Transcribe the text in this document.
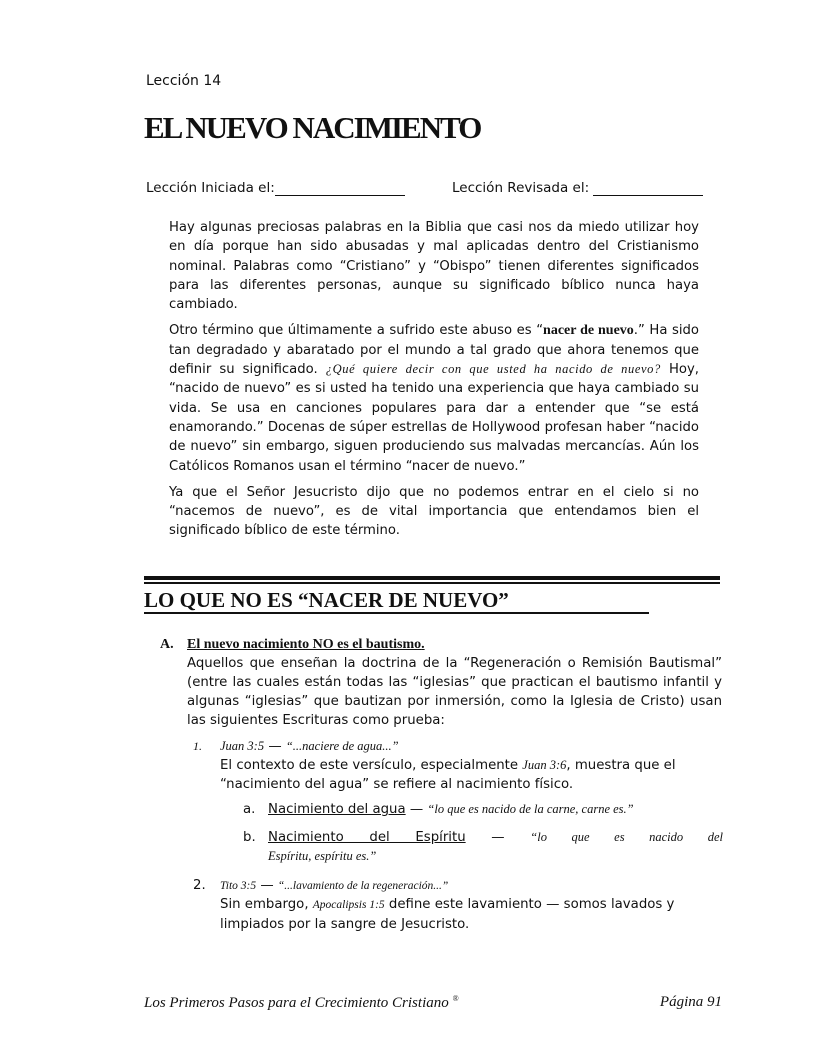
Lección 14
EL NUEVO NACIMIENTO
Lección Iniciada el:	Lección Revisada el:

Hay algunas preciosas palabras en la Biblia que casi nos da miedo utilizar hoy en día porque han sido abusadas y mal aplicadas dentro del Cristianismo nominal. Palabras como “Cristiano” y “Obispo” tienen diferentes significados para las diferentes personas, aunque su significado bíblico nunca haya cambiado.

Otro término que últimamente a sufrido este abuso es “nacer de nuevo.” Ha sido tan degradado y abaratado por el mundo a tal grado que ahora tenemos que definir su significado. ¿Qué quiere decir con que usted ha nacido de nuevo? Hoy, “nacido de nuevo” es si usted ha tenido una experiencia que haya cambiado su vida. Se usa en canciones populares para dar a entender que “se está enamorando.” Docenas de súper estrellas de Hollywood profesan haber “nacido de nuevo” sin embargo, siguen produciendo sus malvadas mercancías. Aún los Católicos Romanos usan el término “nacer de nuevo.”

Ya que el Señor Jesucristo dijo que no podemos entrar en el cielo si no “nacemos de nuevo”, es de vital importancia que entendamos bien el significado bíblico de este término.

LO QUE NO ES “NACER DE NUEVO”
A. El nuevo nacimiento NO es el bautismo.
Aquellos que enseñan la doctrina de la “Regeneración o Remisión Bautismal” (entre las cuales están todas las “iglesias” que practican el bautismo infantil y algunas “iglesias” que bautizan por inmersión, como la Iglesia de Cristo) usan las siguientes Escrituras como prueba:
1. Juan 3:5 — “...naciere de agua...”
El contexto de este versículo, especialmente Juan 3:6, muestra que el “nacimiento del agua” se refiere al nacimiento físico.
a. Nacimiento del agua — “lo que es nacido de la carne, carne es.”
b. Nacimiento del Espíritu — “lo que es nacido del
Espíritu, espíritu es.”
2. Tito 3:5 — “...lavamiento de la regeneración...”
Sin embargo, Apocalipsis 1:5 define este lavamiento — somos lavados y limpiados por la sangre de Jesucristo.
Los Primeros Pasos para el Crecimiento Cristiano ®	Página 91
